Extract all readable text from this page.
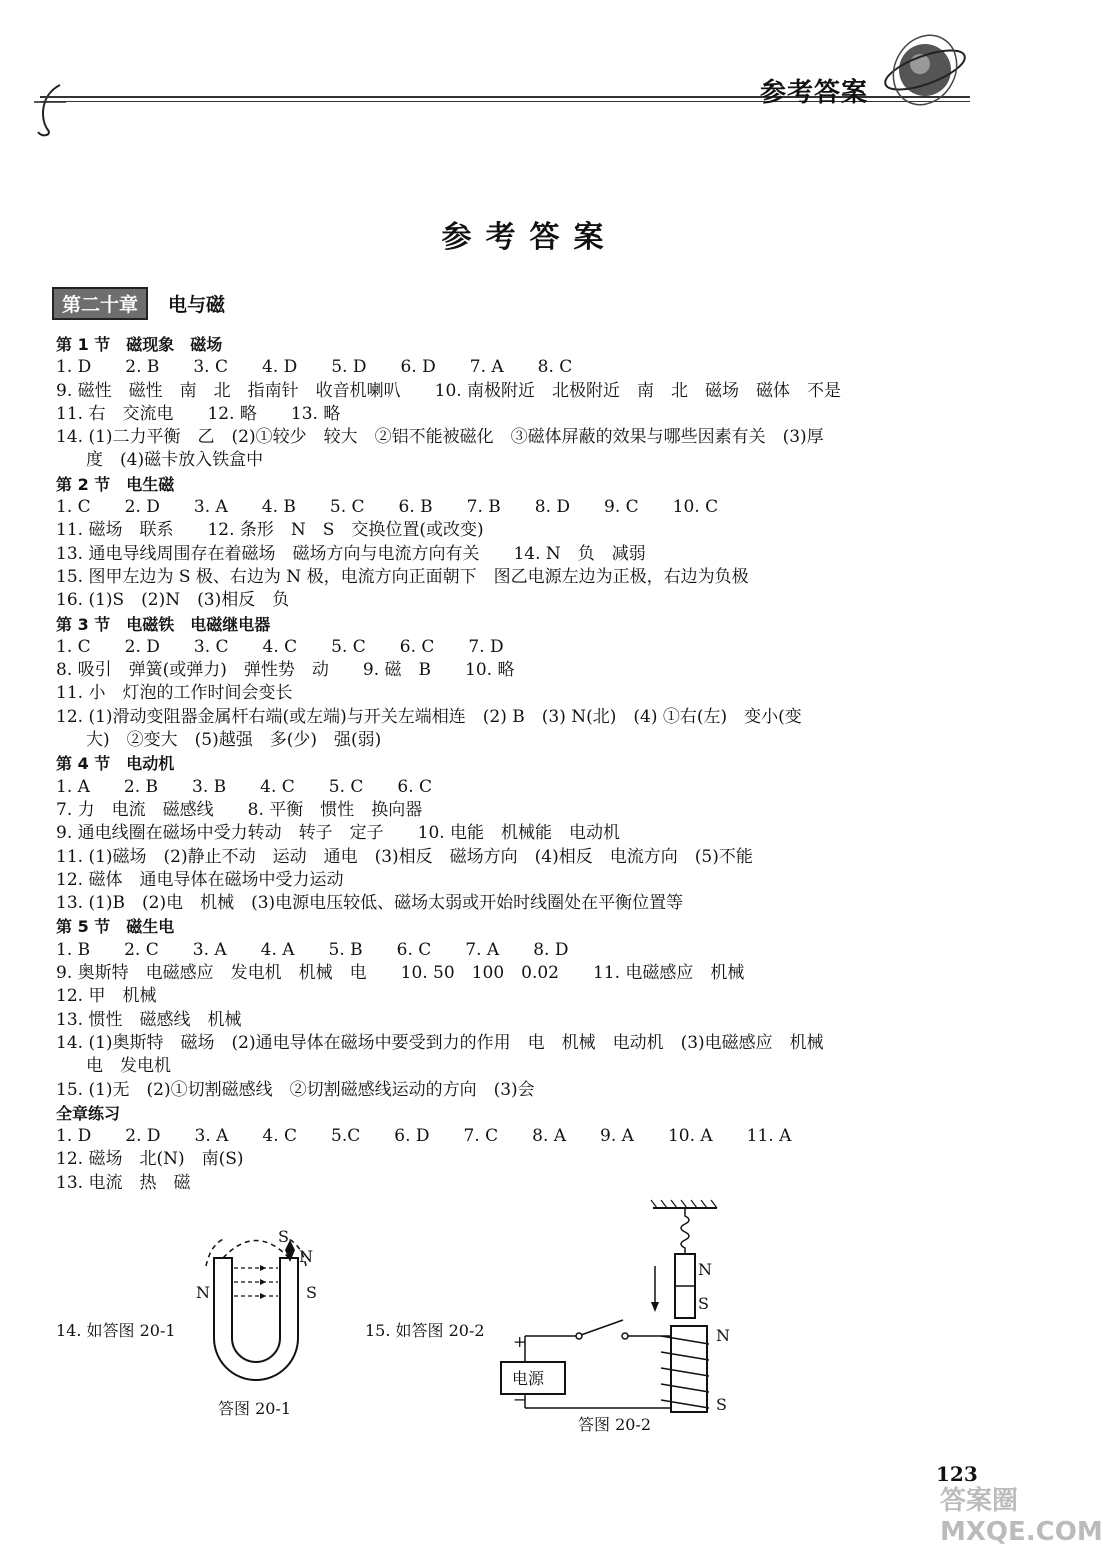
参考答案
参考答案
第二十章	电与磁
第 1 节　磁现象　磁场
1. D　　2. B　　3. C　　4. D　　5. D　　6. D　　7. A　　8. C
9. 磁性　磁性　南　北　指南针　收音机喇叭　　10. 南极附近　北极附近　南　北　磁场　磁体　不是
11. 右　交流电　　12. 略　　13. 略
14. (1)二力平衡　乙　(2)①较少　较大　②铝不能被磁化　③磁体屏蔽的效果与哪些因素有关　(3)厚
度　(4)磁卡放入铁盒中
第 2 节　电生磁
1. C　　2. D　　3. A　　4. B　　5. C　　6. B　　7. B　　8. D　　9. C　　10. C
11. 磁场　联系　　12. 条形　N　S　交换位置(或改变)
13. 通电导线周围存在着磁场　磁场方向与电流方向有关　　14. N　负　减弱
15. 图甲左边为 S 极、右边为 N 极，电流方向正面朝下　图乙电源左边为正极，右边为负极
16. (1)S　(2)N　(3)相反　负
第 3 节　电磁铁　电磁继电器
1. C　　2. D　　3. C　　4. C　　5. C　　6. C　　7. D
8. 吸引　弹簧(或弹力)　弹性势　动　　9. 磁　B　　10. 略
11. 小　灯泡的工作时间会变长
12. (1)滑动变阻器金属杆右端(或左端)与开关左端相连　(2) B　(3) N(北)　(4) ①右(左)　变小(变
大)　②变大　(5)越强　多(少)　强(弱)
第 4 节　电动机
1. A　　2. B　　3. B　　4. C　　5. C　　6. C
7. 力　电流　磁感线　　8. 平衡　惯性　换向器
9. 通电线圈在磁场中受力转动　转子　定子　　10. 电能　机械能　电动机
11. (1)磁场　(2)静止不动　运动　通电　(3)相反　磁场方向　(4)相反　电流方向　(5)不能
12. 磁体　通电导体在磁场中受力运动
13. (1)B　(2)电　机械　(3)电源电压较低、磁场太弱或开始时线圈处在平衡位置等
第 5 节　磁生电
1. B　　2. C　　3. A　　4. A　　5. B　　6. C　　7. A　　8. D
9. 奥斯特　电磁感应　发电机　机械　电　　10. 50　100　0.02　　11. 电磁感应　机械
12. 甲　机械
13. 惯性　磁感线　机械
14. (1)奥斯特　磁场　(2)通电导体在磁场中要受到力的作用　电　机械　电动机　(3)电磁感应　机械
电　发电机
15. (1)无　(2)①切割磁感线　②切割磁感线运动的方向　(3)会
全章练习
1. D　　2. D　　3. A　　4. C　　5.C　　6. D　　7. C　　8. A　　9. A　　10. A　　11. A
12. 磁场　北(N)　南(S)
13. 电流　热　磁
14. 如答图 20-1
N	S
S
N
答图 20-1
15. 如答图 20-2
+
−
电源
N
S
N
S
答图 20-2
123
答案圈 MXQE.COM
